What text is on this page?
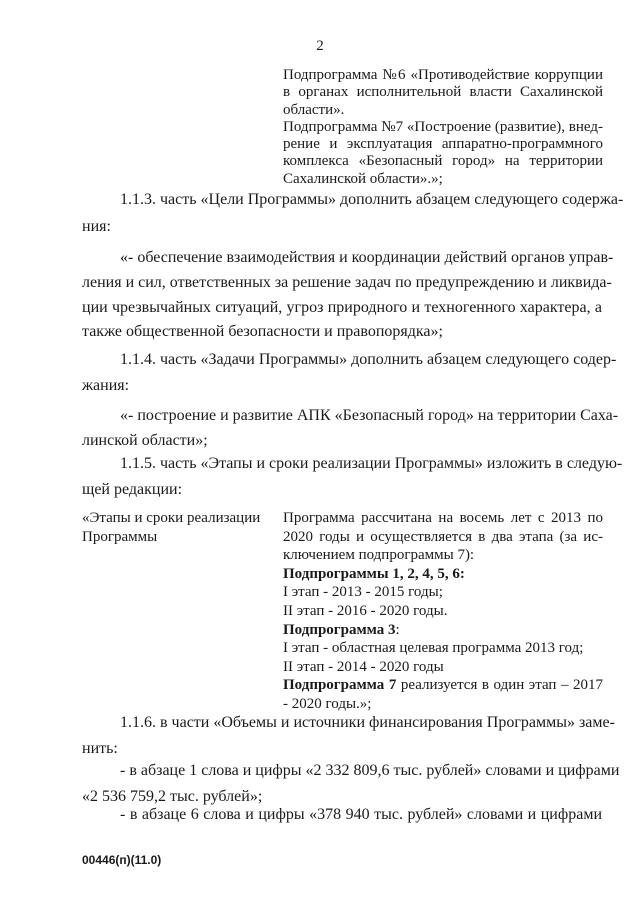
2
Подпрограмма №6 «Противодействие коррупции
в органах исполнительной власти Сахалинской
области».
Подпрограмма №7 «Построение (развитие), внед-
рение и эксплуатация аппаратно-программного
комплекса «Безопасный город» на территории
Сахалинской области».»;
1.1.3. часть «Цели Программы» дополнить абзацем следующего содержа-
ния:
«- обеспечение взаимодействия и координации действий органов управ-
ления и сил, ответственных за решение задач по предупреждению и ликвида-
ции чрезвычайных ситуаций, угроз природного и техногенного характера, а
также общественной безопасности и правопорядка»;
1.1.4. часть «Задачи Программы» дополнить абзацем следующего содер-
жания:
«- построение и развитие АПК «Безопасный город» на территории Саха-
линской области»;
1.1.5. часть «Этапы и сроки реализации Программы» изложить в следую-
щей редакции:
«Этапы и сроки реализации
Программы
Программа рассчитана на восемь лет с 2013 по
2020 годы и осуществляется в два этапа (за ис-
ключением подпрограммы 7):
Подпрограммы 1, 2, 4, 5, 6:
I этап - 2013 - 2015 годы;
II этап - 2016 - 2020 годы.
Подпрограмма 3:
I этап - областная целевая программа 2013 год;
II этап - 2014 - 2020 годы
Подпрограмма 7 реализуется в один этап – 2017
- 2020 годы.»;
1.1.6. в части «Объемы и источники финансирования Программы» заме-
нить:
- в абзаце 1 слова и цифры «2 332 809,6 тыс. рублей» словами и цифрами
«2 536 759,2 тыс. рублей»;
- в абзаце 6 слова и цифры «378 940 тыс. рублей» словами и цифрами
00446(п)(11.0)
